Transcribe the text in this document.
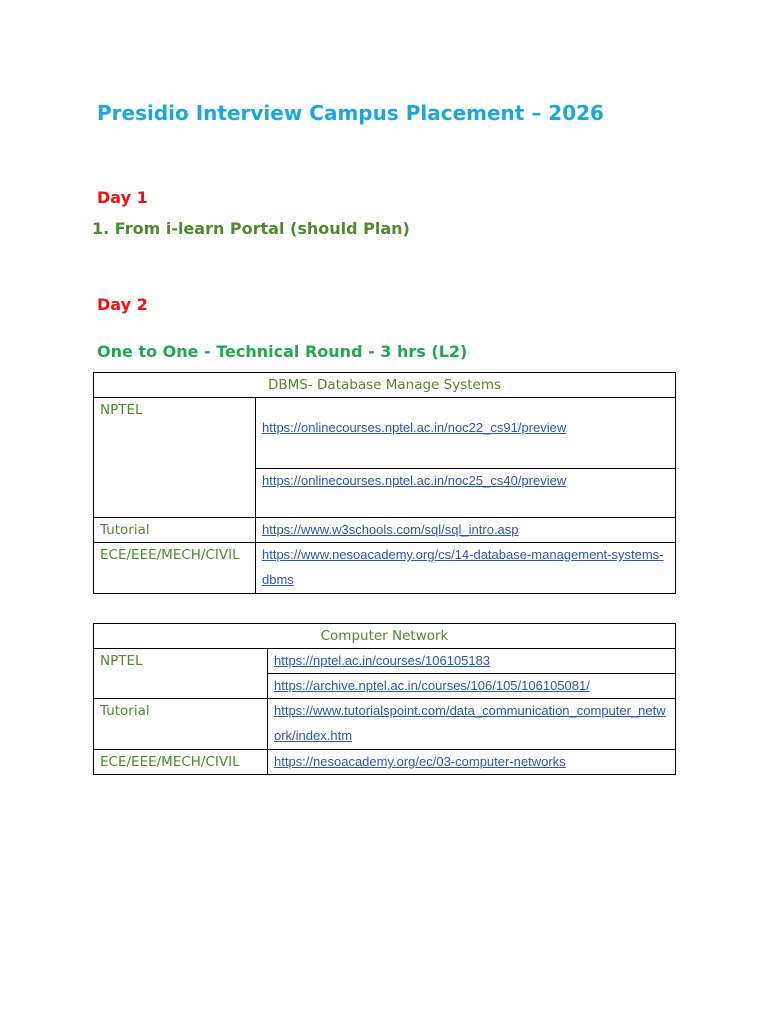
Presidio Interview Campus Placement – 2026
Day 1
1. From i-learn Portal (should Plan)
Day 2
One to One - Technical Round - 3 hrs (L2)
DBMS- Database Manage Systems	
NPTEL	https://onlinecourses.nptel.ac.in/noc22_cs91/preview
	https://onlinecourses.nptel.ac.in/noc25_cs40/preview
Tutorial	https://www.w3schools.com/sql/sql_intro.asp
ECE/EEE/MECH/CIVIL	https://www.nesoacademy.org/cs/14-database-management-systems-dbms
Computer Network	
NPTEL	https://nptel.ac.in/courses/106105183
	https://archive.nptel.ac.in/courses/106/105/106105081/
Tutorial	https://www.tutorialspoint.com/data_communication_computer_network/index.htm
ECE/EEE/MECH/CIVIL	https://nesoacademy.org/ec/03-computer-networks
